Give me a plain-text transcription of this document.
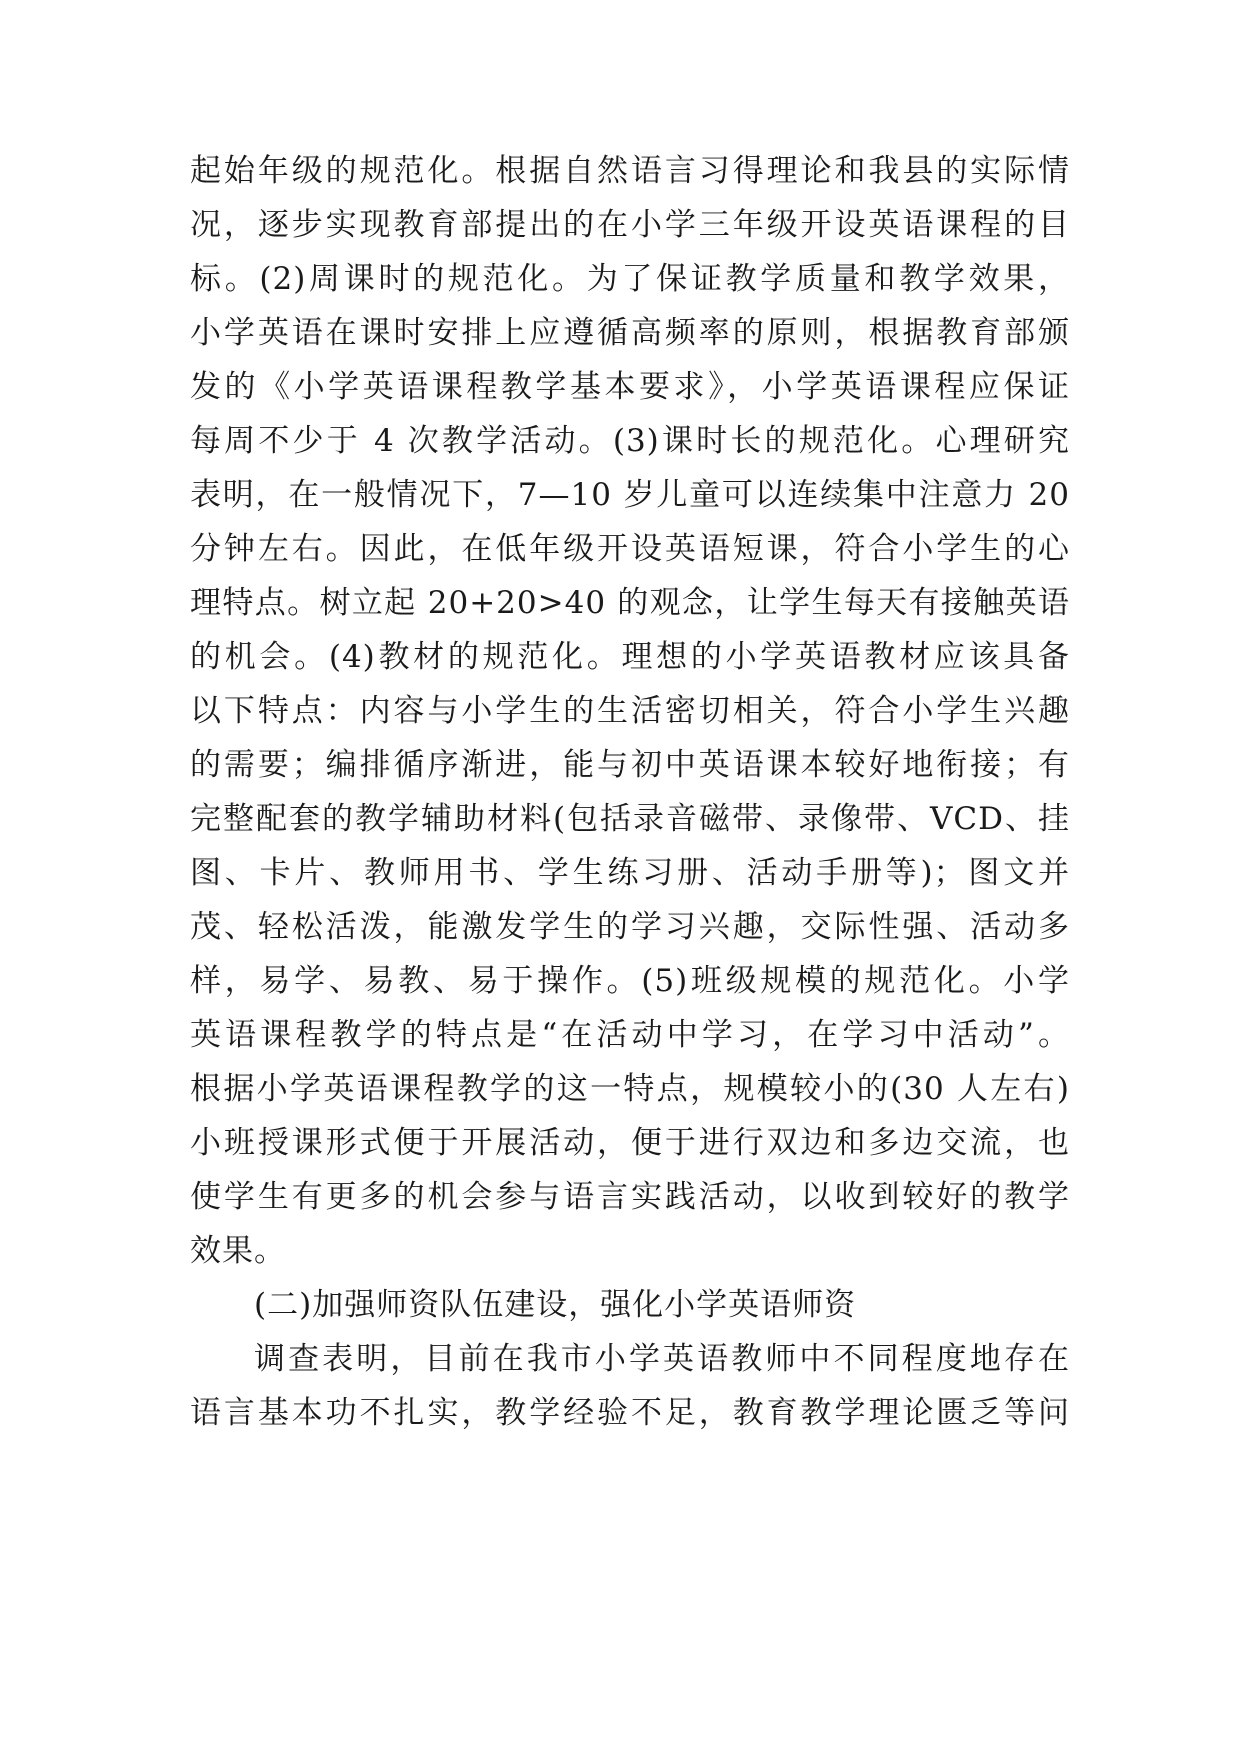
起始年级的规范化。根据自然语言习得理论和我县的实际情
况，逐步实现教育部提出的在小学三年级开设英语课程的目
标。(2)周课时的规范化。为了保证教学质量和教学效果，
小学英语在课时安排上应遵循高频率的原则，根据教育部颁
发的《小学英语课程教学基本要求》，小学英语课程应保证
每周不少于 4 次教学活动。(3)课时长的规范化。心理研究
表明，在一般情况下，7—10 岁儿童可以连续集中注意力 20
分钟左右。因此，在低年级开设英语短课，符合小学生的心
理特点。树立起 20+20>40 的观念，让学生每天有接触英语
的机会。(4)教材的规范化。理想的小学英语教材应该具备
以下特点：内容与小学生的生活密切相关，符合小学生兴趣
的需要；编排循序渐进，能与初中英语课本较好地衔接；有
完整配套的教学辅助材料(包括录音磁带、录像带、VCD、挂
图、卡片、教师用书、学生练习册、活动手册等)；图文并
茂、轻松活泼，能激发学生的学习兴趣，交际性强、活动多
样，易学、易教、易于操作。(5)班级规模的规范化。小学
英语课程教学的特点是“在活动中学习，在学习中活动”。
根据小学英语课程教学的这一特点，规模较小的(30 人左右)
小班授课形式便于开展活动，便于进行双边和多边交流，也
使学生有更多的机会参与语言实践活动，以收到较好的教学
效果。
(二)加强师资队伍建设，强化小学英语师资
调查表明，目前在我市小学英语教师中不同程度地存在
语言基本功不扎实，教学经验不足，教育教学理论匮乏等问
